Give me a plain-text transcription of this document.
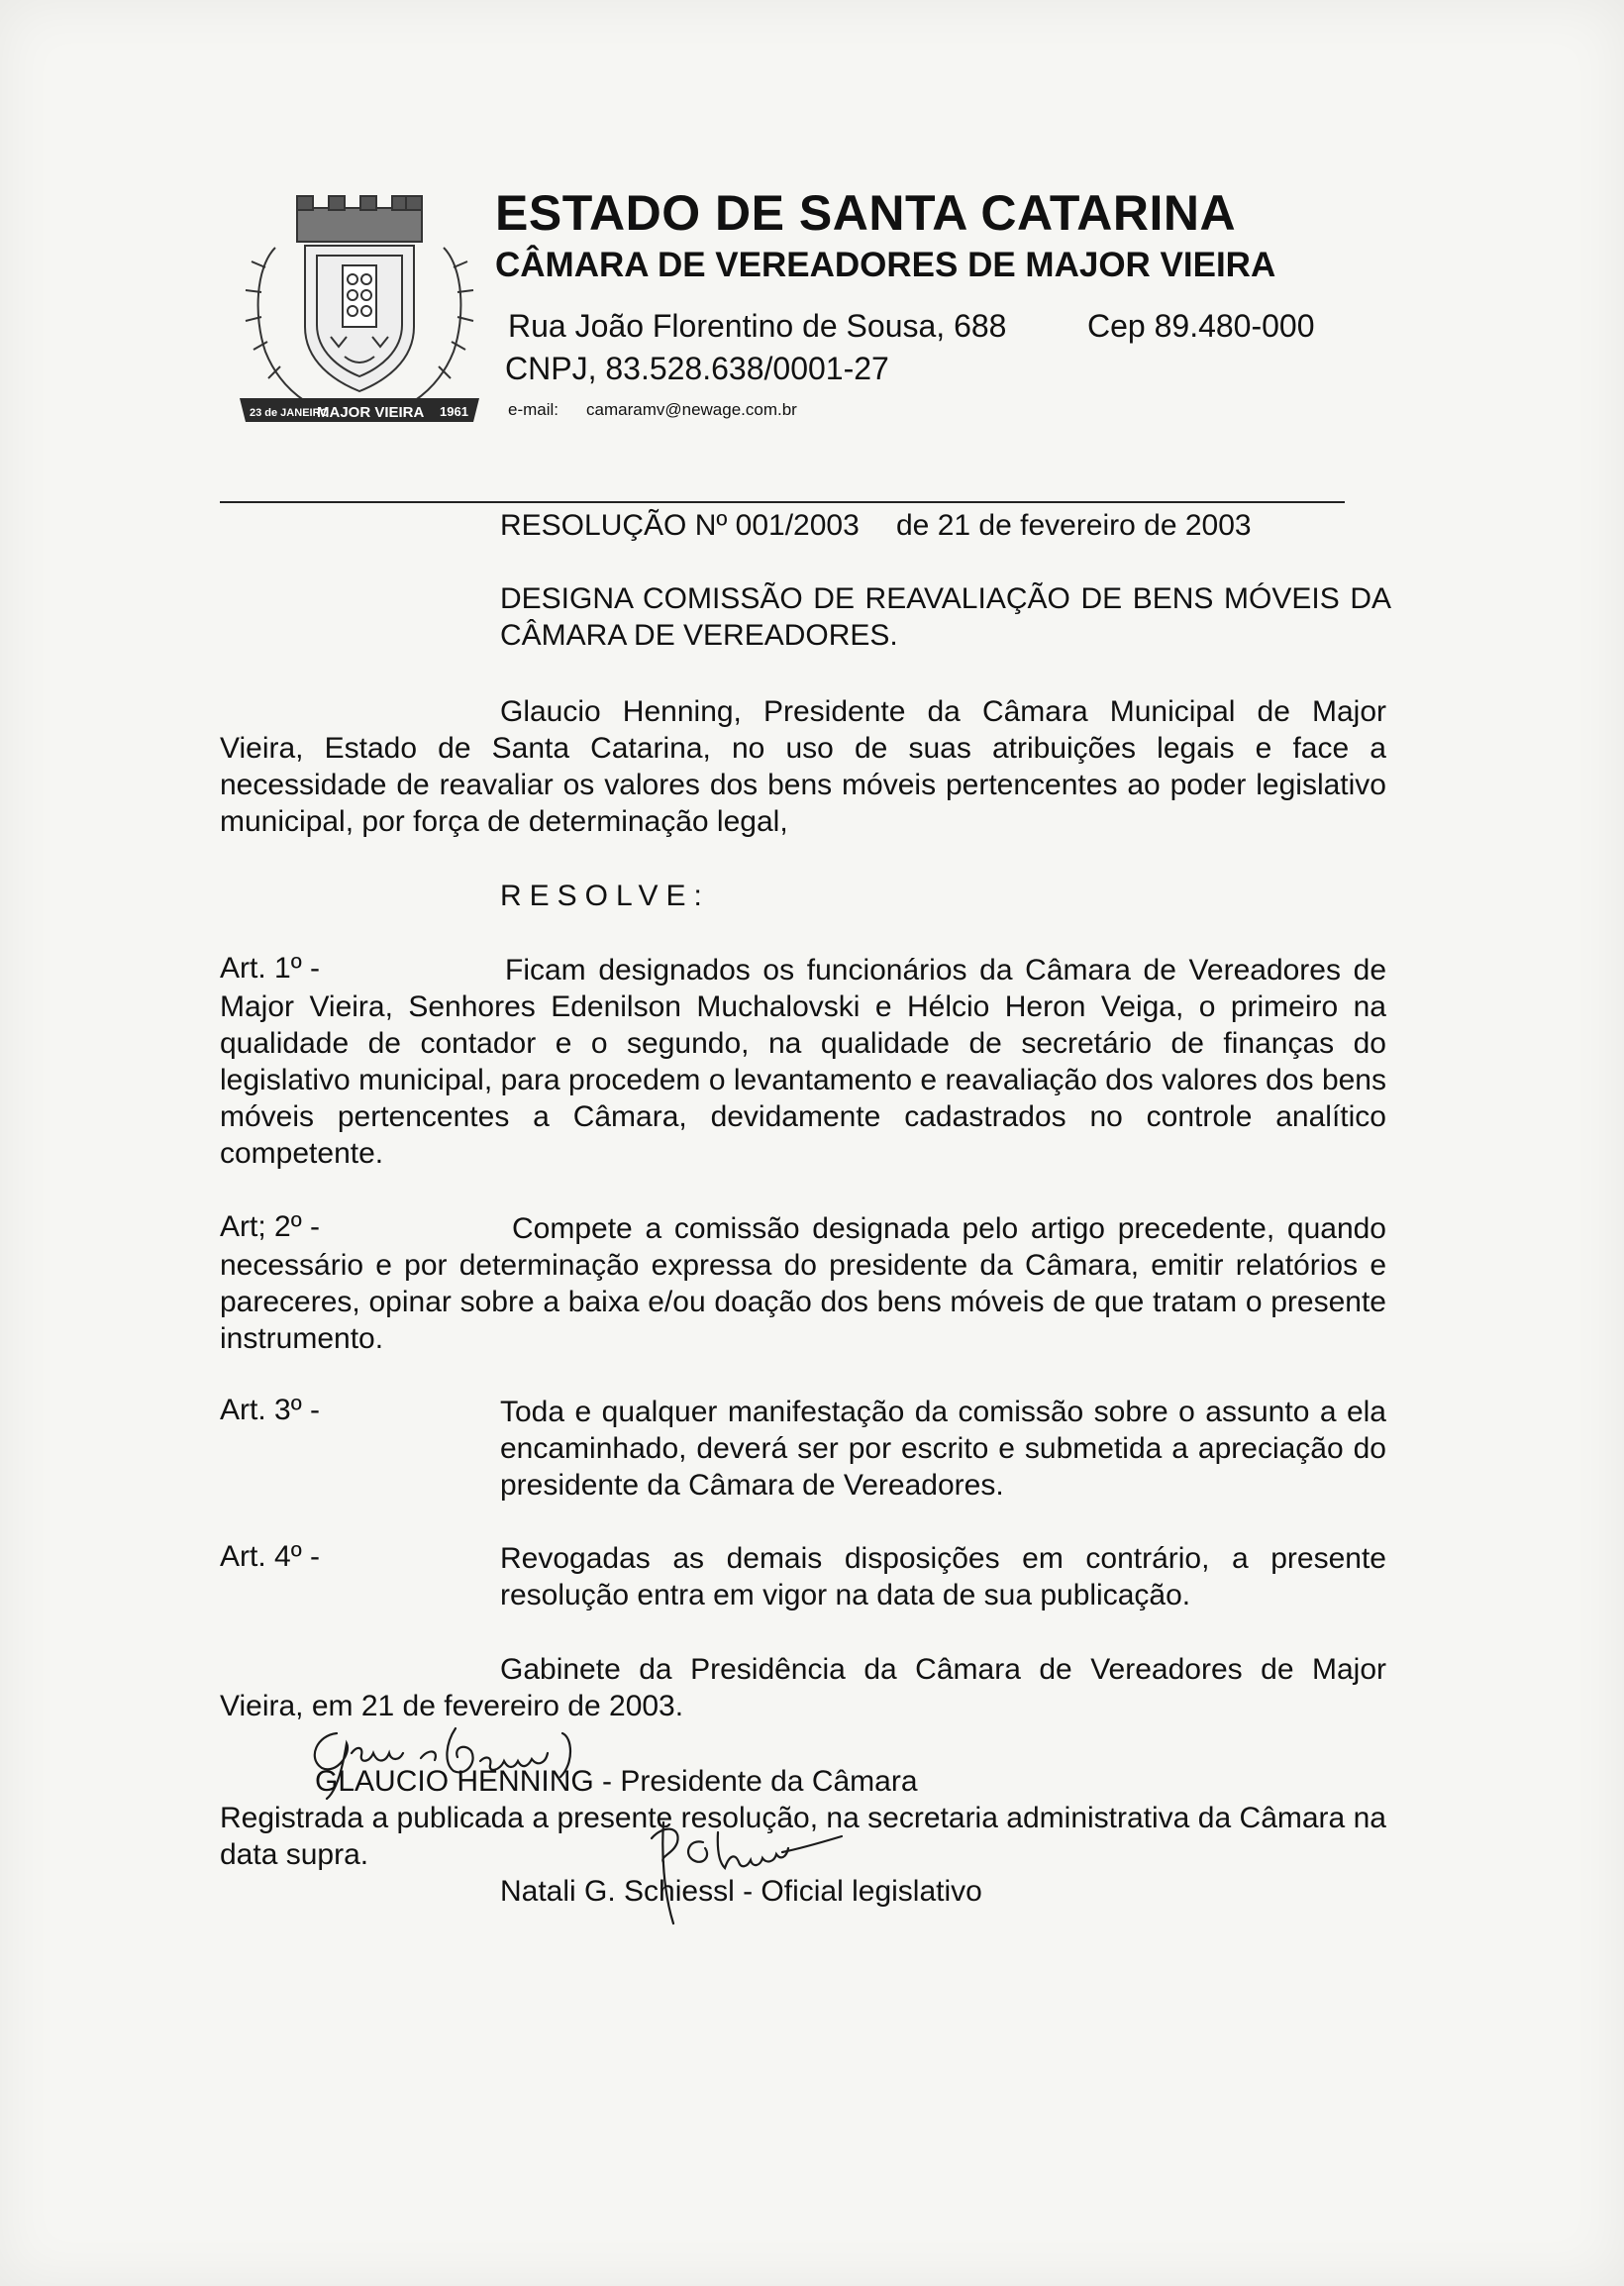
23 de JANEIRO
MAJOR VIEIRA 1961
ESTADO DE SANTA CATARINA
CÂMARA DE VEREADORES DE MAJOR VIEIRA
Rua João Florentino de Sousa, 688	Cep 89.480-000
CNPJ, 83.528.638/0001-27
e-mail: camaramv@newage.com.br
RESOLUÇÃO Nº 001/2003 de 21 de fevereiro de 2003
DESIGNA COMISSÃO DE REAVALIAÇÃO DE BENS MÓVEIS DA CÂMARA DE VEREADORES.
Glaucio Henning, Presidente da Câmara Municipal de Major
Vieira, Estado de Santa Catarina, no uso de suas atribuições legais e face a necessidade de reavaliar os valores dos bens móveis pertencentes ao poder legislativo municipal, por força de determinação legal,
RESOLVE:
Art. 1º -	Ficam designados os funcionários da Câmara de Vereadores de
Major Vieira, Senhores Edenilson Muchalovski e Hélcio Heron Veiga, o primeiro na qualidade de contador e o segundo, na qualidade de secretário de finanças do legislativo municipal, para procedem o levantamento e reavaliação dos valores dos bens móveis pertencentes a Câmara, devidamente cadastrados no controle analítico competente.
Art; 2º -	Compete a comissão designada pelo artigo precedente, quando
necessário e por determinação expressa do presidente da Câmara, emitir relatórios e pareceres, opinar sobre a baixa e/ou doação dos bens móveis de que tratam o presente instrumento.
Art. 3º -	Toda e qualquer manifestação da comissão sobre o assunto a ela encaminhado, deverá ser por escrito e submetida a apreciação do presidente da Câmara de Vereadores.
Art. 4º -	Revogadas as demais disposições em contrário, a presente resolução entra em vigor na data de sua publicação.
Gabinete da Presidência da Câmara de Vereadores de Major
Vieira, em 21 de fevereiro de 2003.
GLAUCIO HENNING - Presidente da Câmara
Registrada a publicada a presente resolução, na secretaria administrativa da Câmara na data supra.
Natali G. Schiessl - Oficial legislativo
